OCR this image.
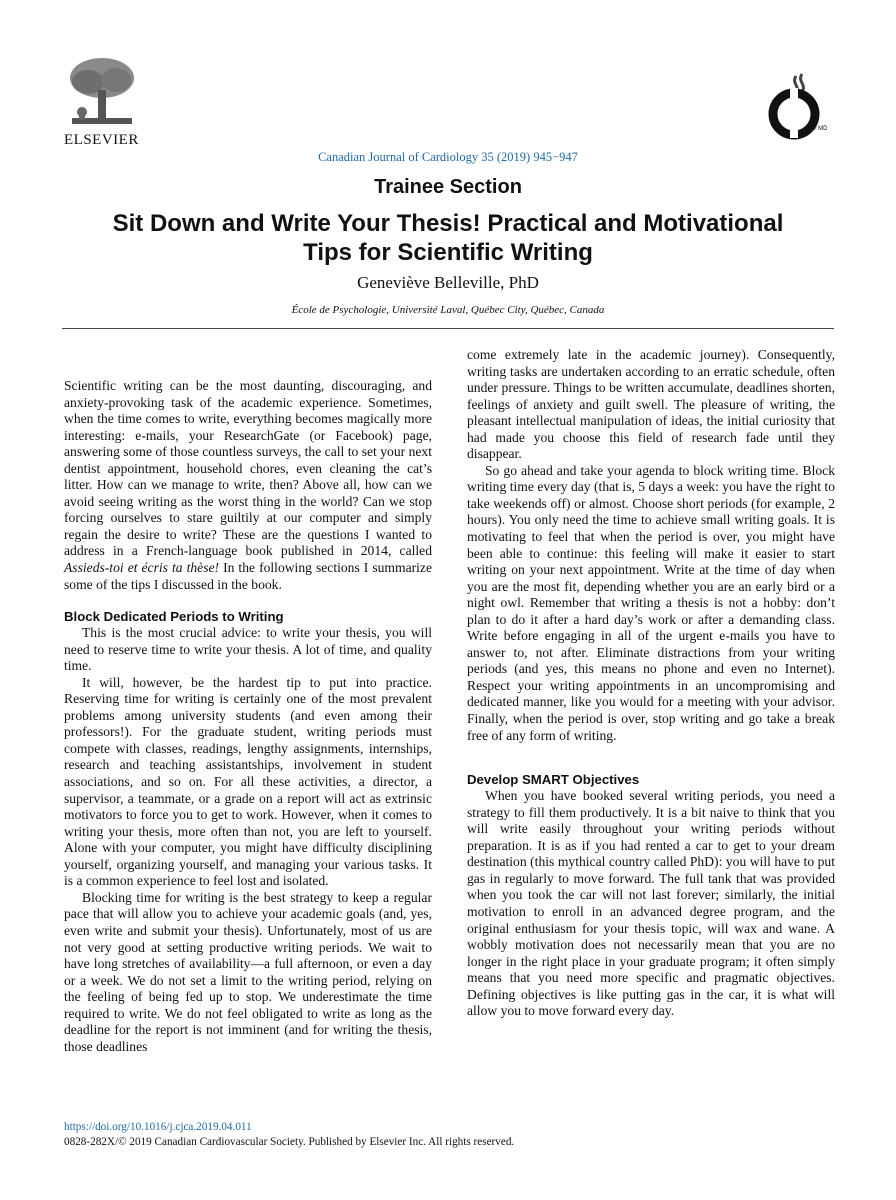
ELSEVIER
® MD
Canadian Journal of Cardiology 35 (2019) 945−947
Trainee Section
Sit Down and Write Your Thesis! Practical and Motivational
Tips for Scientific Writing
Geneviève Belleville, PhD
École de Psychologie, Université Laval, Québec City, Québec, Canada

Scientific writing can be the most daunting, discouraging, and anxiety-provoking task of the academic experience. Sometimes, when the time comes to write, everything becomes magically more interesting: e-mails, your ResearchGate (or Facebook) page, answering some of those countless surveys, the call to set your next dentist appointment, household chores, even cleaning the cat’s litter. How can we manage to write, then? Above all, how can we avoid seeing writing as the worst thing in the world? Can we stop forcing ourselves to stare guiltily at our computer and simply regain the desire to write? These are the questions I wanted to address in a French-language book published in 2014, called Assieds-toi et écris ta thèse! In the following sections I summarize some of the tips I discussed in the book.

Block Dedicated Periods to Writing

This is the most crucial advice: to write your thesis, you will need to reserve time to write your thesis. A lot of time, and quality time.

It will, however, be the hardest tip to put into practice. Reserving time for writing is certainly one of the most prevalent problems among university students (and even among their professors!). For the graduate student, writing periods must compete with classes, readings, lengthy assignments, internships, research and teaching assistantships, involvement in student associations, and so on. For all these activities, a director, a supervisor, a teammate, or a grade on a report will act as extrinsic motivators to force you to get to work. However, when it comes to writing your thesis, more often than not, you are left to yourself. Alone with your computer, you might have difficulty disciplining yourself, organizing yourself, and managing your various tasks. It is a common experience to feel lost and isolated.

Blocking time for writing is the best strategy to keep a regular pace that will allow you to achieve your academic goals (and, yes, even write and submit your thesis). Unfortunately, most of us are not very good at setting productive writing periods. We wait to have long stretches of availability—a full afternoon, or even a day or a week. We do not set a limit to the writing period, relying on the feeling of being fed up to stop. We underestimate the time required to write. We do not feel obligated to write as long as the deadline for the report is not imminent (and for writing the thesis, those deadlines

come extremely late in the academic journey). Consequently, writing tasks are undertaken according to an erratic schedule, often under pressure. Things to be written accumulate, deadlines shorten, feelings of anxiety and guilt swell. The pleasure of writing, the pleasant intellectual manipulation of ideas, the initial curiosity that had made you choose this field of research fade until they disappear.

So go ahead and take your agenda to block writing time. Block writing time every day (that is, 5 days a week: you have the right to take weekends off) or almost. Choose short periods (for example, 2 hours). You only need the time to achieve small writing goals. It is motivating to feel that when the period is over, you might have been able to continue: this feeling will make it easier to start writing on your next appointment. Write at the time of day when you are the most fit, depending whether you are an early bird or a night owl. Remember that writing a thesis is not a hobby: don’t plan to do it after a hard day’s work or after a demanding class. Write before engaging in all of the urgent e-mails you have to answer to, not after. Eliminate distractions from your writing periods (and yes, this means no phone and even no Internet). Respect your writing appointments in an uncompromising and dedicated manner, like you would for a meeting with your advisor. Finally, when the period is over, stop writing and go take a break free of any form of writing.

Develop SMART Objectives

When you have booked several writing periods, you need a strategy to fill them productively. It is a bit naive to think that you will write easily throughout your writing periods without preparation. It is as if you had rented a car to get to your dream destination (this mythical country called PhD): you will have to put gas in regularly to move forward. The full tank that was provided when you took the car will not last forever; similarly, the initial motivation to enroll in an advanced degree program, and the original enthusiasm for your thesis topic, will wax and wane. A wobbly motivation does not necessarily mean that you are no longer in the right place in your graduate program; it often simply means that you need more specific and pragmatic objectives. Defining objectives is like putting gas in the car, it is what will allow you to move forward every day.

https://doi.org/10.1016/j.cjca.2019.04.011
0828-282X/© 2019 Canadian Cardiovascular Society. Published by Elsevier Inc. All rights reserved.
